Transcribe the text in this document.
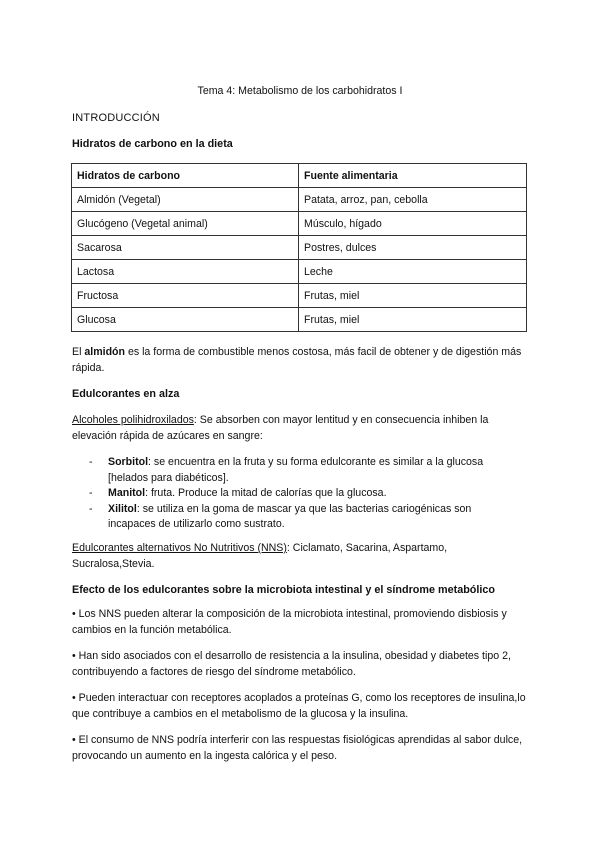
Tema 4: Metabolismo de los carbohidratos I
INTRODUCCIÓN
Hidratos de carbono en la dieta
Hidratos de carbono	Fuente alimentaria
Almidón (Vegetal)	Patata, arroz, pan, cebolla
Glucógeno (Vegetal animal)	Músculo, hígado
Sacarosa	Postres, dulces
Lactosa	Leche
Fructosa	Frutas, miel
Glucosa	Frutas, miel
El almidón es la forma de combustible menos costosa, más facil de obtener y de digestión más rápida.
Edulcorantes en alza
Alcoholes polihidroxilados: Se absorben con mayor lentitud y en consecuencia inhiben la elevación rápida de azúcares en sangre:
- Sorbitol: se encuentra en la fruta y su forma edulcorante es similar a la glucosa [helados para diabéticos].
- Manitol: fruta. Produce la mitad de calorías que la glucosa.
- Xilitol: se utiliza en la goma de mascar ya que las bacterias cariogénicas son incapaces de utilizarlo como sustrato.
Edulcorantes alternativos No Nutritivos (NNS): Ciclamato, Sacarina, Aspartamo, Sucralosa,Stevia.
Efecto de los edulcorantes sobre la microbiota intestinal y el síndrome metabólico
• Los NNS pueden alterar la composición de la microbiota intestinal, promoviendo disbiosis y cambios en la función metabólica.
• Han sido asociados con el desarrollo de resistencia a la insulina, obesidad y diabetes tipo 2, contribuyendo a factores de riesgo del síndrome metabólico.
• Pueden interactuar con receptores acoplados a proteínas G, como los receptores de insulina,lo que contribuye a cambios en el metabolismo de la glucosa y la insulina.
• El consumo de NNS podría interferir con las respuestas fisiológicas aprendidas al sabor dulce, provocando un aumento en la ingesta calórica y el peso.
